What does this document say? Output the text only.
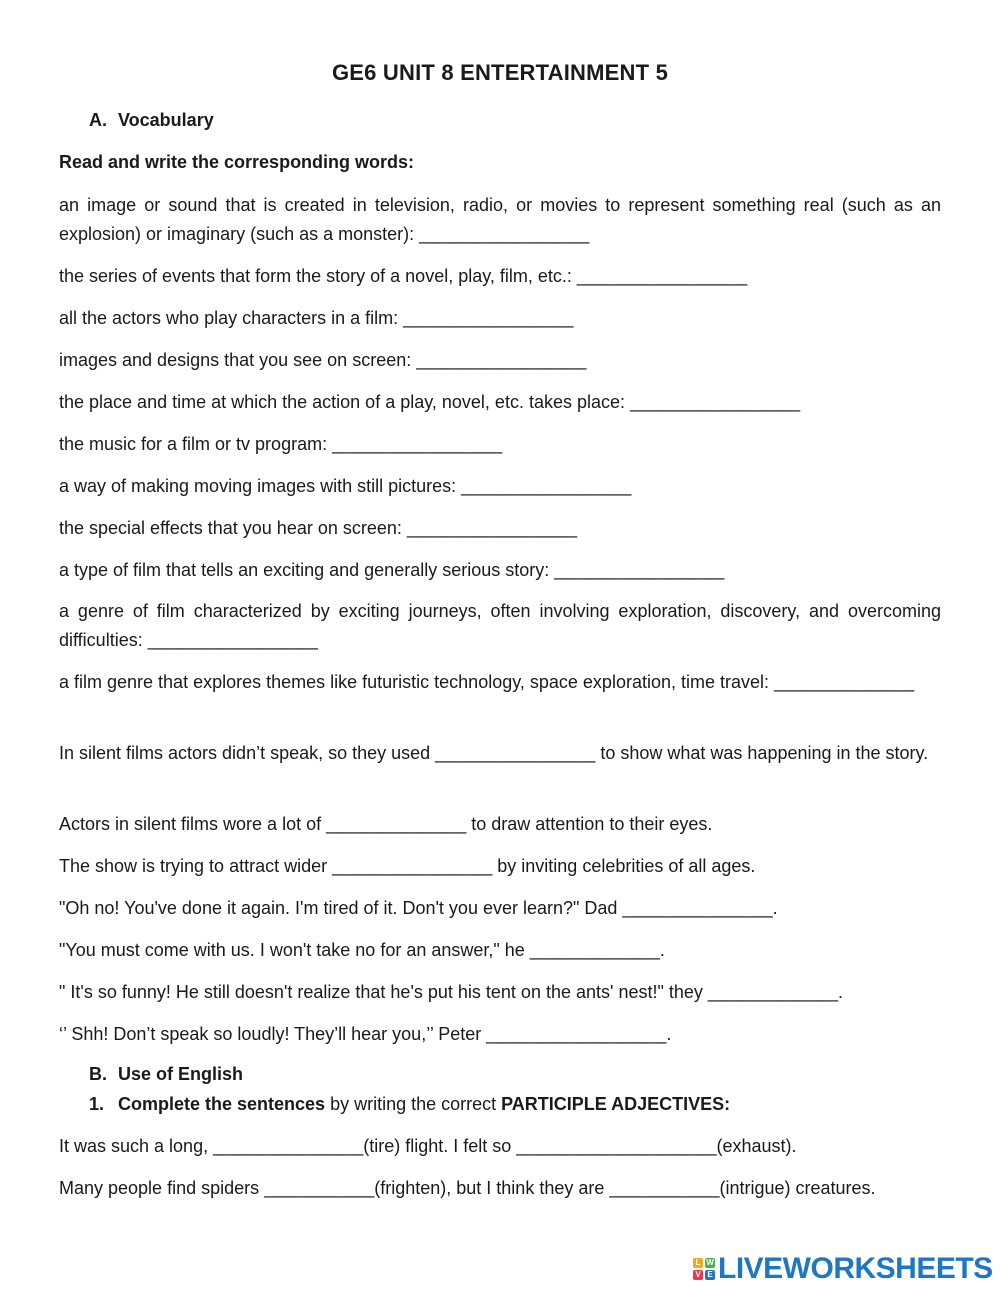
GE6 UNIT 8 ENTERTAINMENT 5
A. Vocabulary
Read and write the corresponding words:
an image or sound that is created in television, radio, or movies to represent something real (such as an explosion) or imaginary (such as a monster): _________________
the series of events that form the story of a novel, play, film, etc.: _________________
all the actors who play characters in a film: _________________
images and designs that you see on screen: _________________
the place and time at which the action of a play, novel, etc. takes place: _________________
the music for a film or tv program: _________________
a way of making moving images with still pictures: _________________
the special effects that you hear on screen: _________________
a type of film that tells an exciting and generally serious story: _________________
a genre of film characterized by exciting journeys, often involving exploration, discovery, and overcoming difficulties: _________________
a film genre that explores themes like futuristic technology, space exploration, time travel: ______________
In silent films actors didn’t speak, so they used ________________ to show what was happening in the story.
Actors in silent films wore a lot of ______________ to draw attention to their eyes.
The show is trying to attract wider ________________ by inviting celebrities of all ages.
"Oh no! You've done it again. I'm tired of it. Don't you ever learn?" Dad _______________.
"You must come with us. I won't take no for an answer," he _____________.
" It's so funny! He still doesn't realize that he's put his tent on the ants' nest!" they _____________.
‘’ Shh! Don’t speak so loudly! They’ll hear you,’’ Peter __________________.
B. Use of English
1. Complete the sentences by writing the correct PARTICIPLE ADJECTIVES:
It was such a long, _______________(tire) flight. I felt so ____________________(exhaust).
Many people find spiders ___________(frighten), but I think they are ___________(intrigue) creatures.
L W
V E LIVEWORKSHEETS
